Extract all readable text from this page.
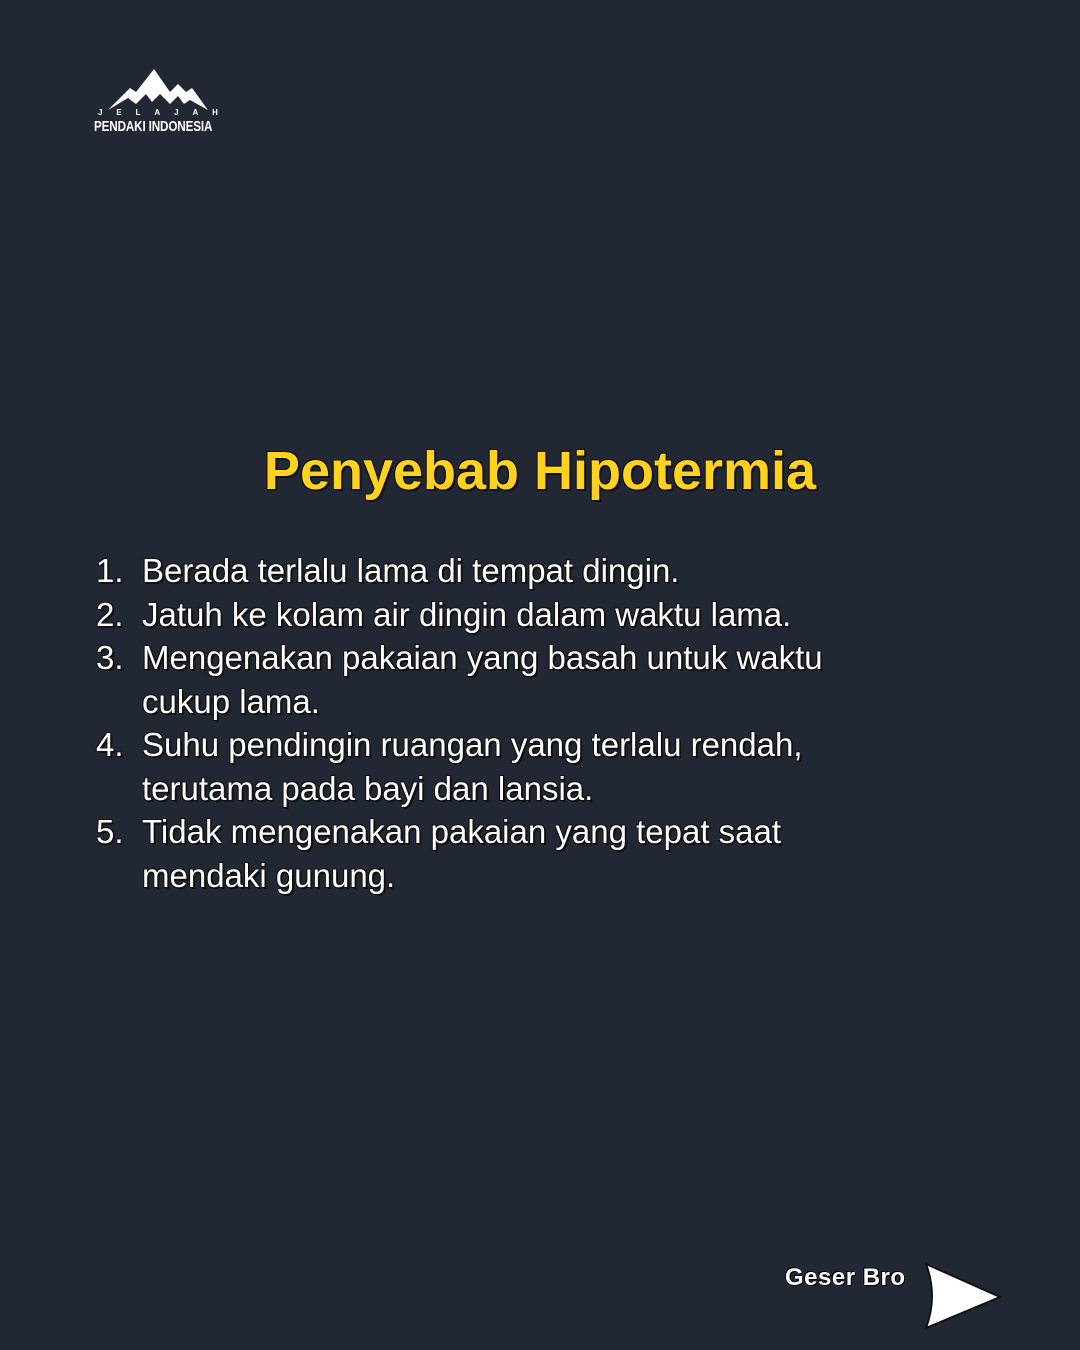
J E L A J A H
PENDAKI INDONESIA
Penyebab Hipotermia
1. Berada terlalu lama di tempat dingin.
2. Jatuh ke kolam air dingin dalam waktu lama.
3. Mengenakan pakaian yang basah untuk waktu cukup lama.
4. Suhu pendingin ruangan yang terlalu rendah, terutama pada bayi dan lansia.
5. Tidak mengenakan pakaian yang tepat saat mendaki gunung.
Geser Bro
